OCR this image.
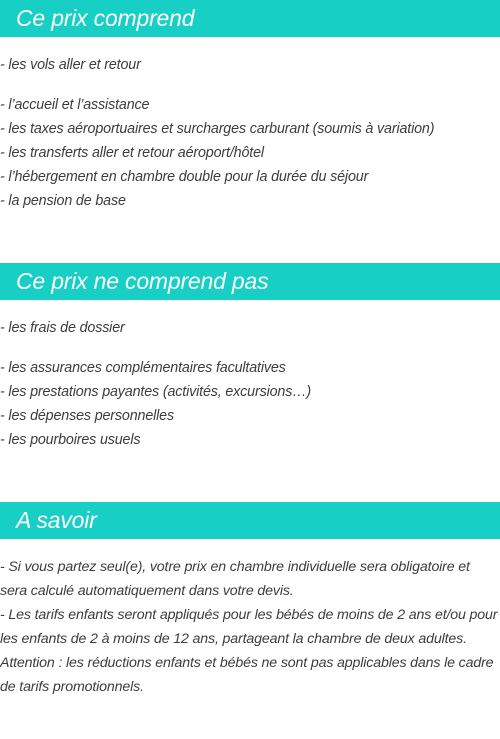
Ce prix comprend
- les vols aller et retour
- l’accueil et l’assistance
- les taxes aéroportuaires et surcharges carburant (soumis à variation)
- les transferts aller et retour aéroport/hôtel
- l’hébergement en chambre double pour la durée du séjour
- la pension de base
Ce prix ne comprend pas
- les frais de dossier
- les assurances complémentaires facultatives
- les prestations payantes (activités, excursions…)
- les dépenses personnelles
- les pourboires usuels
A savoir

- Si vous partez seul(e), votre prix en chambre individuelle sera obligatoire et sera calculé automatiquement dans votre devis.

- Les tarifs enfants seront appliqués pour les bébés de moins de 2 ans et/ou pour les enfants de 2 à moins de 12 ans, partageant la chambre de deux adultes.

Attention : les réductions enfants et bébés ne sont pas applicables dans le cadre de tarifs promotionnels.
